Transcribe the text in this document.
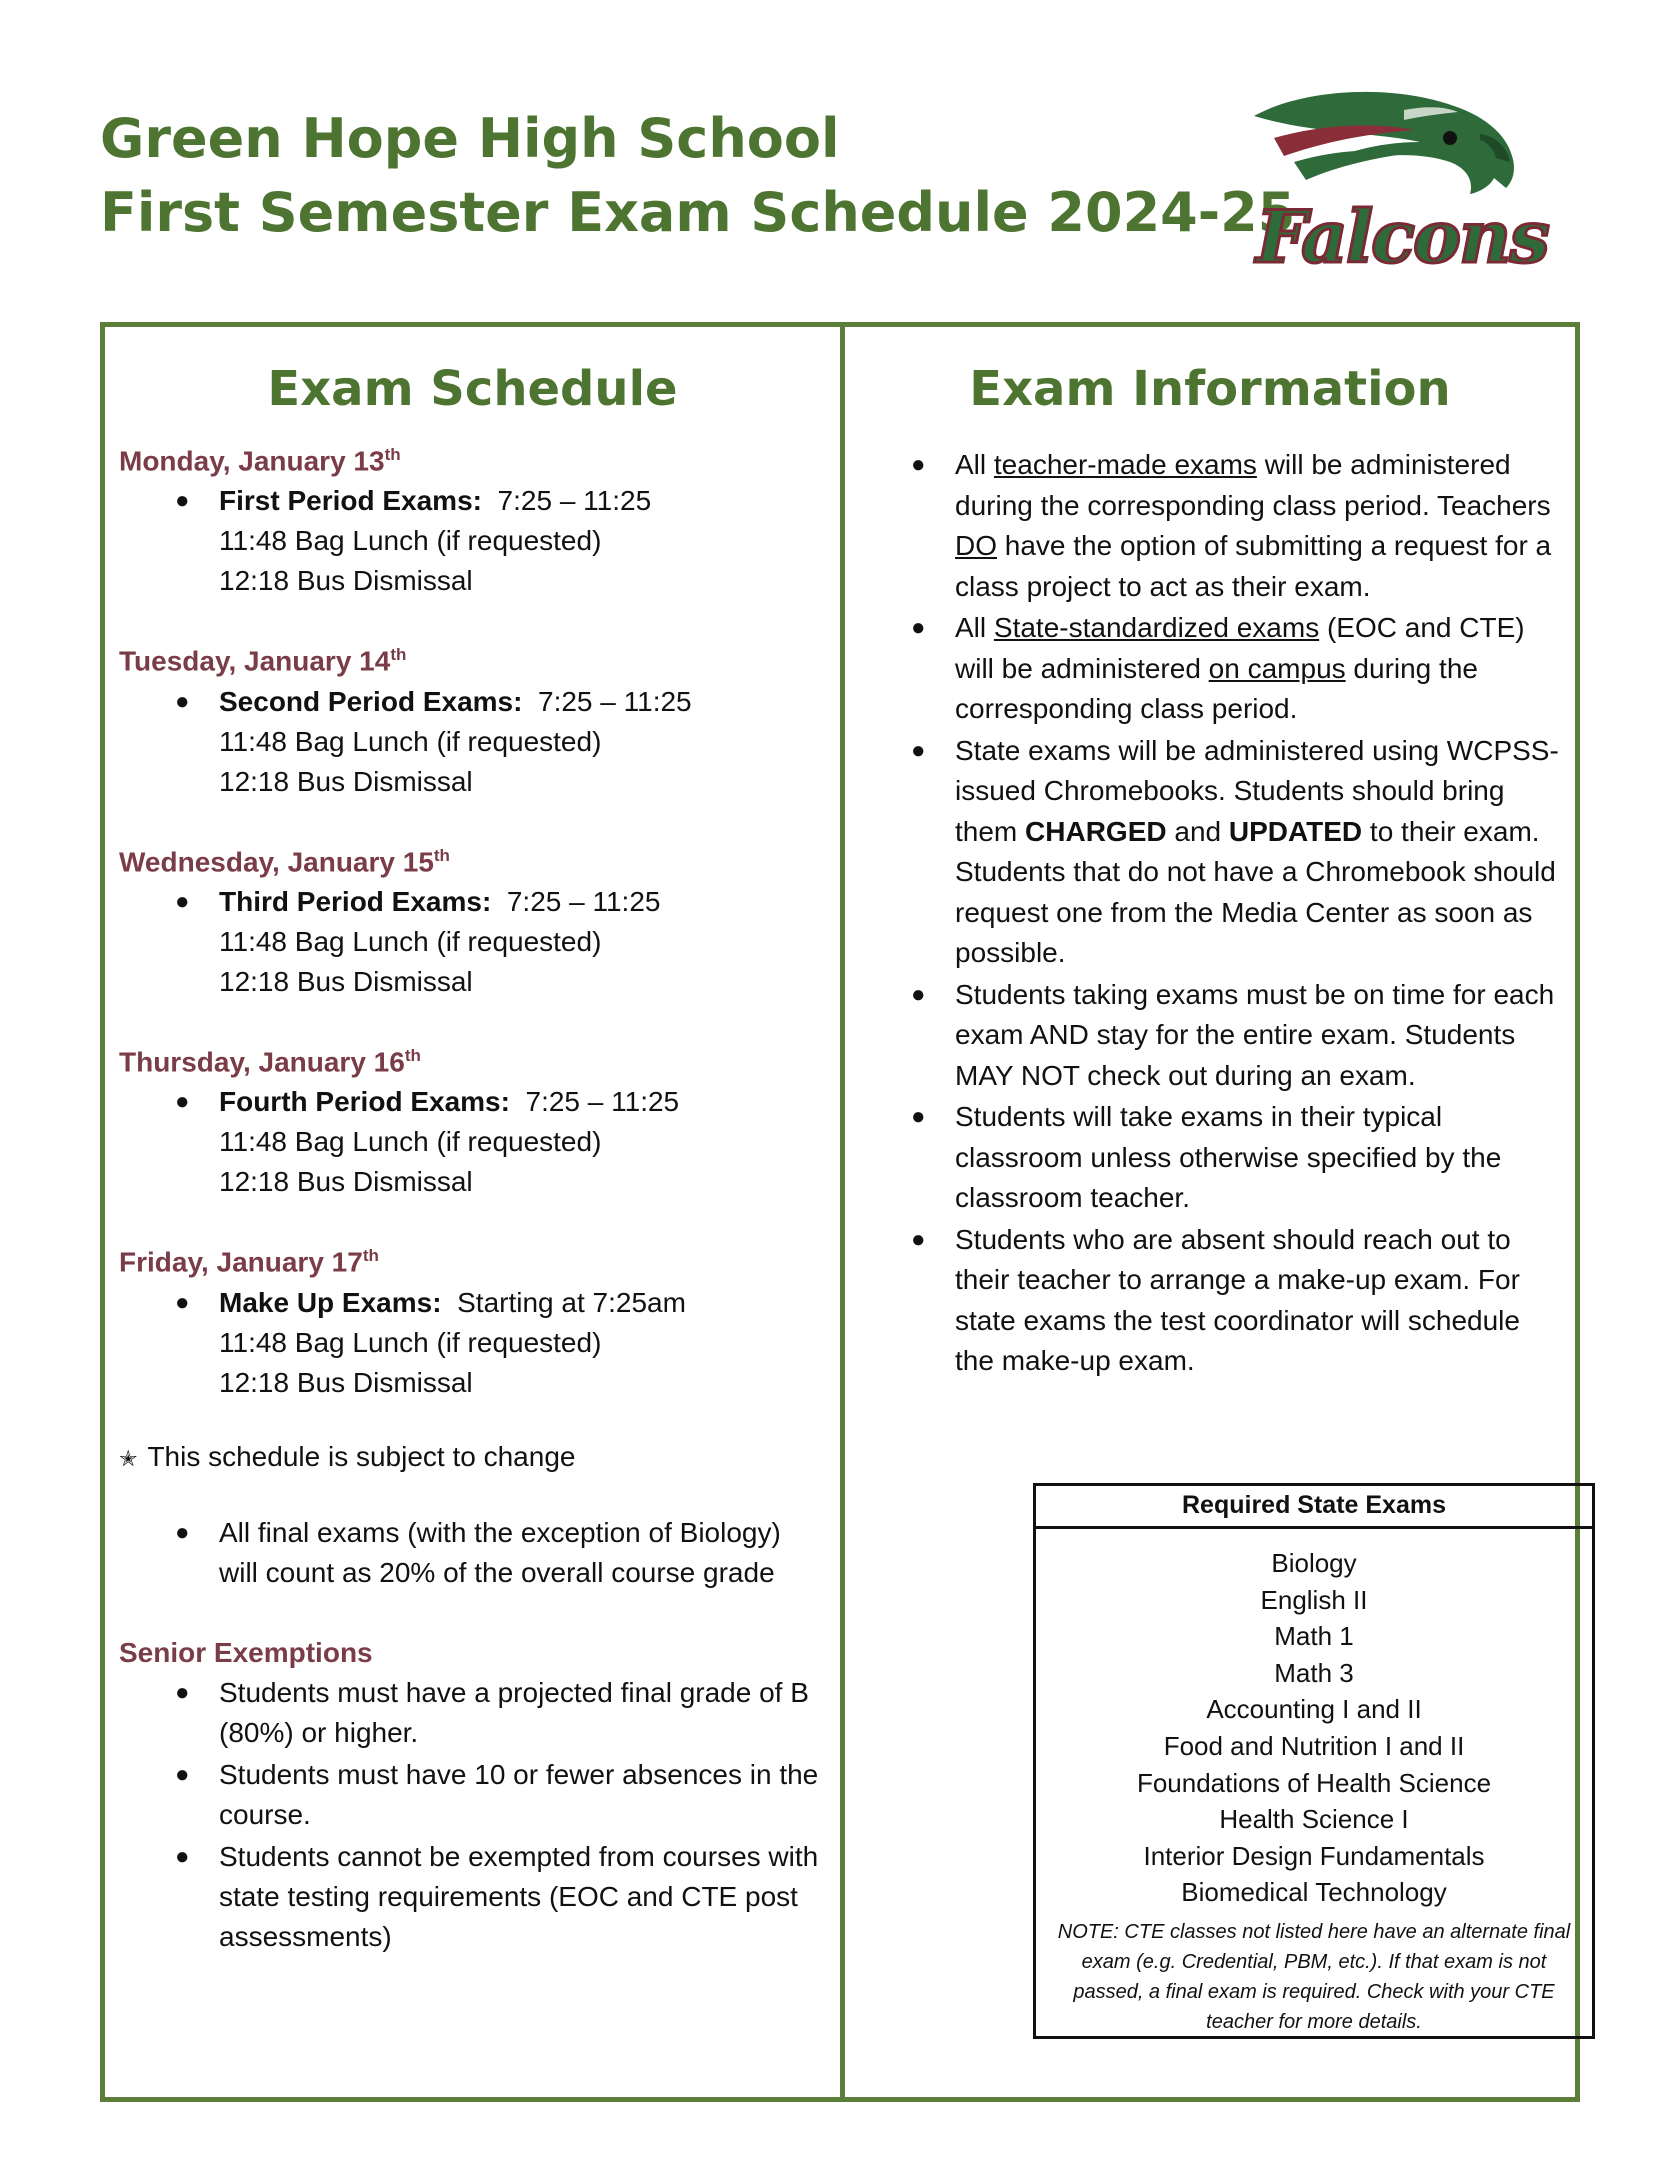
Green Hope High School
First Semester Exam Schedule 2024-25
Falcons
Exam Schedule
Monday, January 13th
● First Period Exams: 7:25 – 11:25
11:48 Bag Lunch (if requested)
12:18 Bus Dismissal
Tuesday, January 14th
● Second Period Exams: 7:25 – 11:25
11:48 Bag Lunch (if requested)
12:18 Bus Dismissal
Wednesday, January 15th
● Third Period Exams: 7:25 – 11:25
11:48 Bag Lunch (if requested)
12:18 Bus Dismissal
Thursday, January 16th
● Fourth Period Exams: 7:25 – 11:25
11:48 Bag Lunch (if requested)
12:18 Bus Dismissal
Friday, January 17th
● Make Up Exams: Starting at 7:25am
11:48 Bag Lunch (if requested)
12:18 Bus Dismissal
✭ This schedule is subject to change
● All final exams (with the exception of Biology) will count as 20% of the overall course grade
Senior Exemptions
● Students must have a projected final grade of B (80%) or higher.
● Students must have 10 or fewer absences in the course.
● Students cannot be exempted from courses with state testing requirements (EOC and CTE post assessments)
Exam Information
● All teacher-made exams will be administered during the corresponding class period. Teachers DO have the option of submitting a request for a class project to act as their exam.
● All State-standardized exams (EOC and CTE) will be administered on campus during the corresponding class period.
● State exams will be administered using WCPSS-issued Chromebooks. Students should bring them CHARGED and UPDATED to their exam. Students that do not have a Chromebook should request one from the Media Center as soon as possible.
● Students taking exams must be on time for each exam AND stay for the entire exam. Students MAY NOT check out during an exam.
● Students will take exams in their typical classroom unless otherwise specified by the classroom teacher.
● Students who are absent should reach out to their teacher to arrange a make-up exam. For state exams the test coordinator will schedule the make-up exam.
Required State Exams
Biology
English II
Math 1
Math 3
Accounting I and II
Food and Nutrition I and II
Foundations of Health Science
Health Science I
Interior Design Fundamentals
Biomedical Technology
NOTE: CTE classes not listed here have an alternate final exam (e.g. Credential, PBM, etc.). If that exam is not passed, a final exam is required. Check with your CTE teacher for more details.
